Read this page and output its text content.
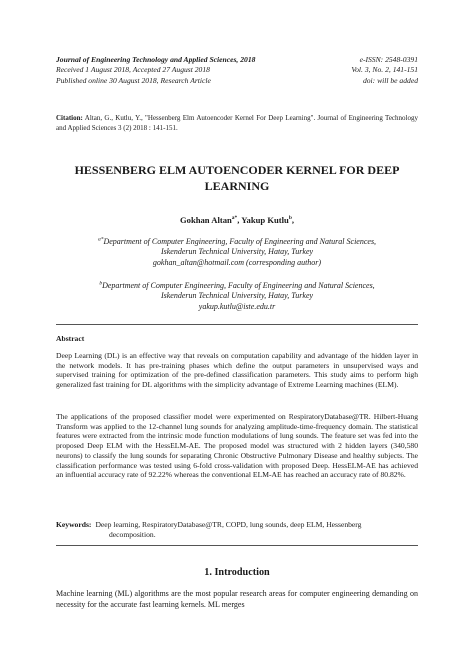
Journal of Engineering Technology and Applied Sciences, 2018
Received 1 August 2018, Accepted 27 August 2018
Published online 30 August 2018, Research Article
e-ISSN: 2548-0391
Vol. 3, No. 2, 141-151
doi: will be added
Citation: Altan, G., Kutlu, Y., "Hessenberg Elm Autoencoder Kernel For Deep Learning". Journal of Engineering Technology and Applied Sciences 3 (2) 2018 : 141-151.
HESSENBERG ELM AUTOENCODER KERNEL FOR DEEP
LEARNING
Gokhan Altan$^{a*}$, Yakup Kutlu$^b$,
$^{a*}$Department of Computer Engineering, Faculty of Engineering and Natural Sciences,
Iskenderun Technical University, Hatay, Turkey
gokhan_altan@hotmail.com (corresponding author)
$^b$Department of Computer Engineering, Faculty of Engineering and Natural Sciences,
Iskenderun Technical University, Hatay, Turkey
yakup.kutlu@iste.edu.tr
Abstract
Deep Learning (DL) is an effective way that reveals on computation capability and advantage of the hidden layer in the network models. It has pre-training phases which define the output parameters in unsupervised ways and supervised training for optimization of the pre-defined classification parameters. This study aims to perform high generalized fast training for DL algorithms with the simplicity advantage of Extreme Learning machines (ELM).
The applications of the proposed classifier model were experimented on RespiratoryDatabase@TR. Hilbert-Huang Transform was applied to the 12-channel lung sounds for analyzing amplitude-time-frequency domain. The statistical features were extracted from the intrinsic mode function modulations of lung sounds. The feature set was fed into the proposed Deep ELM with the HessELM-AE. The proposed model was structured with 2 hidden layers (340,580 neurons) to classify the lung sounds for separating Chronic Obstructive Pulmonary Disease and healthy subjects. The classification performance was tested using 6-fold cross-validation with proposed Deep. HessELM-AE has achieved an influential accuracy rate of 92.22% whereas the conventional ELM-AE has reached an accuracy rate of 80.82%.
Keywords: Deep learning, RespiratoryDatabase@TR, COPD, lung sounds, deep ELM, Hessenberg
decomposition.
1. Introduction
Machine learning (ML) algorithms are the most popular research areas for computer engineering demanding on necessity for the accurate fast learning kernels. ML merges
